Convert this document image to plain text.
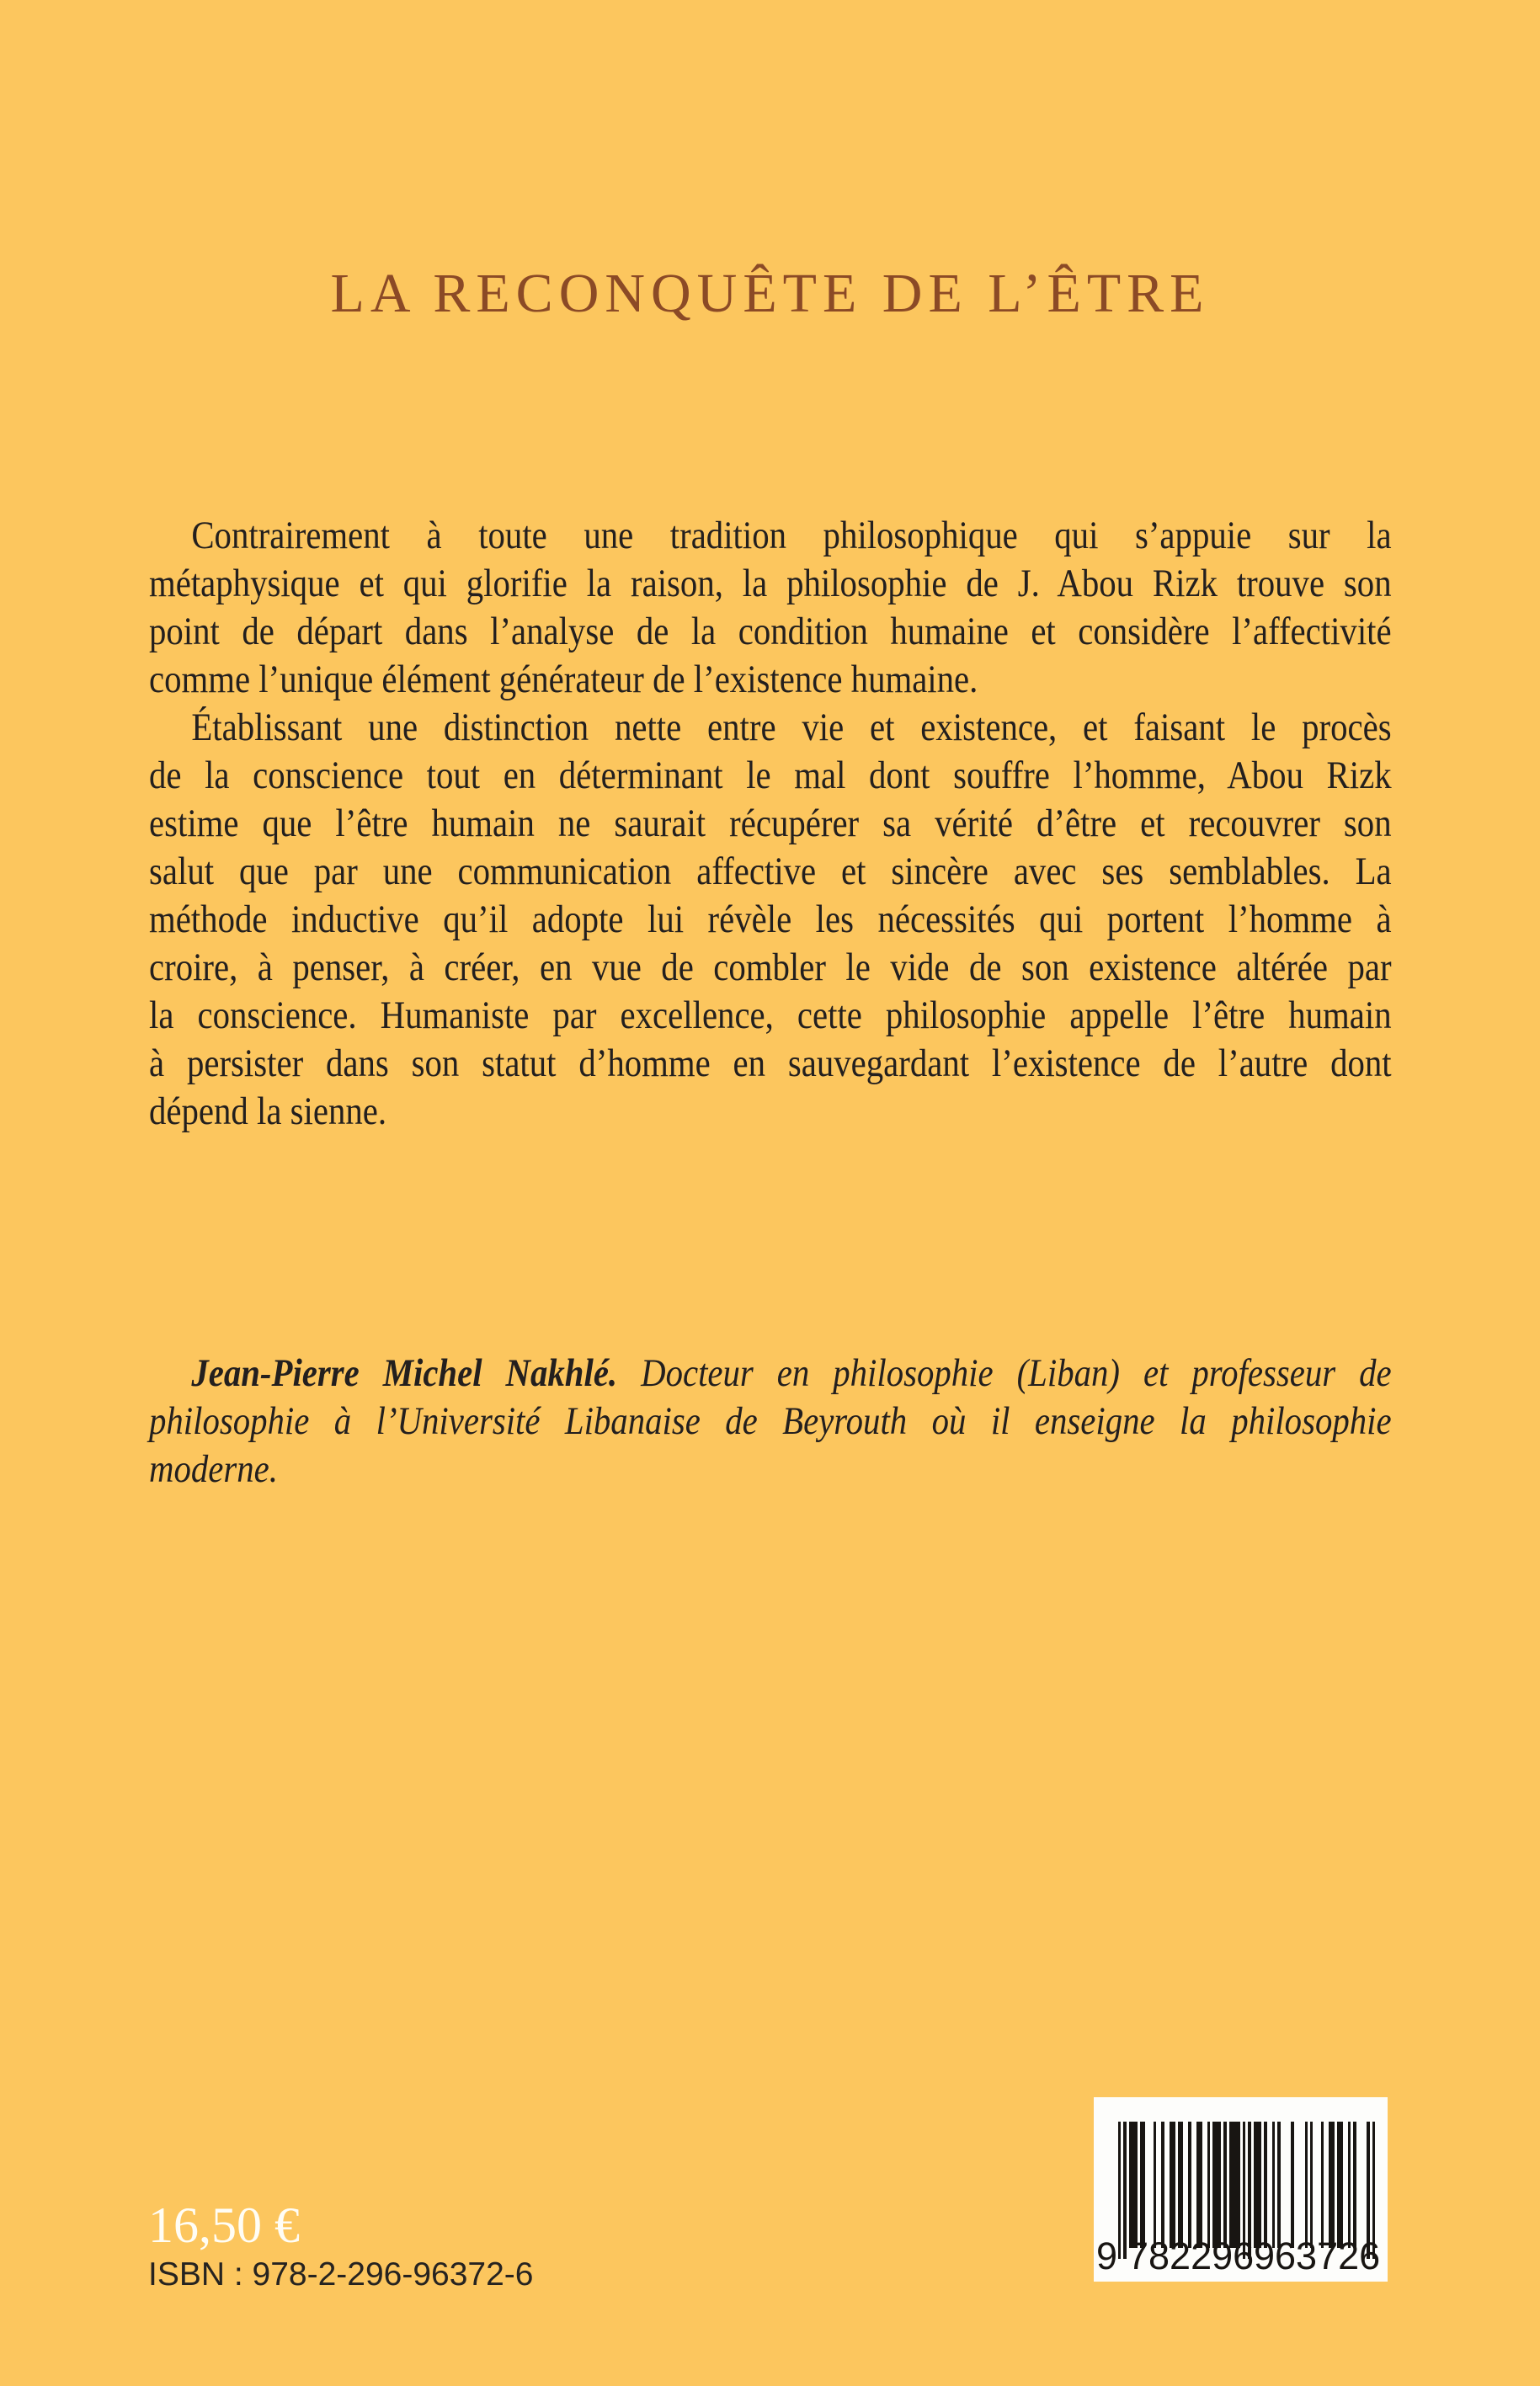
LA RECONQUÊTE DE L’ÊTRE
Contrairement à toute une tradition philosophique qui s’appuie sur la
métaphysique et qui glorifie la raison, la philosophie de J. Abou Rizk trouve son
point de départ dans l’analyse de la condition humaine et considère l’affectivité
comme l’unique élément générateur de l’existence humaine.
Établissant une distinction nette entre vie et existence, et faisant le procès
de la conscience tout en déterminant le mal dont souffre l’homme, Abou Rizk
estime que l’être humain ne saurait récupérer sa vérité d’être et recouvrer son
salut que par une communication affective et sincère avec ses semblables. La
méthode inductive qu’il adopte lui révèle les nécessités qui portent l’homme à
croire, à penser, à créer, en vue de combler le vide de son existence altérée par
la conscience. Humaniste par excellence, cette philosophie appelle l’être humain
à persister dans son statut d’homme en sauvegardant l’existence de l’autre dont
dépend la sienne.
Jean-Pierre Michel Nakhlé. Docteur en philosophie (Liban) et professeur de
philosophie à l’Université Libanaise de Beyrouth où il enseigne la philosophie
moderne.
16,50 €
ISBN : 978-2-296-96372-6	9 782296 963726
